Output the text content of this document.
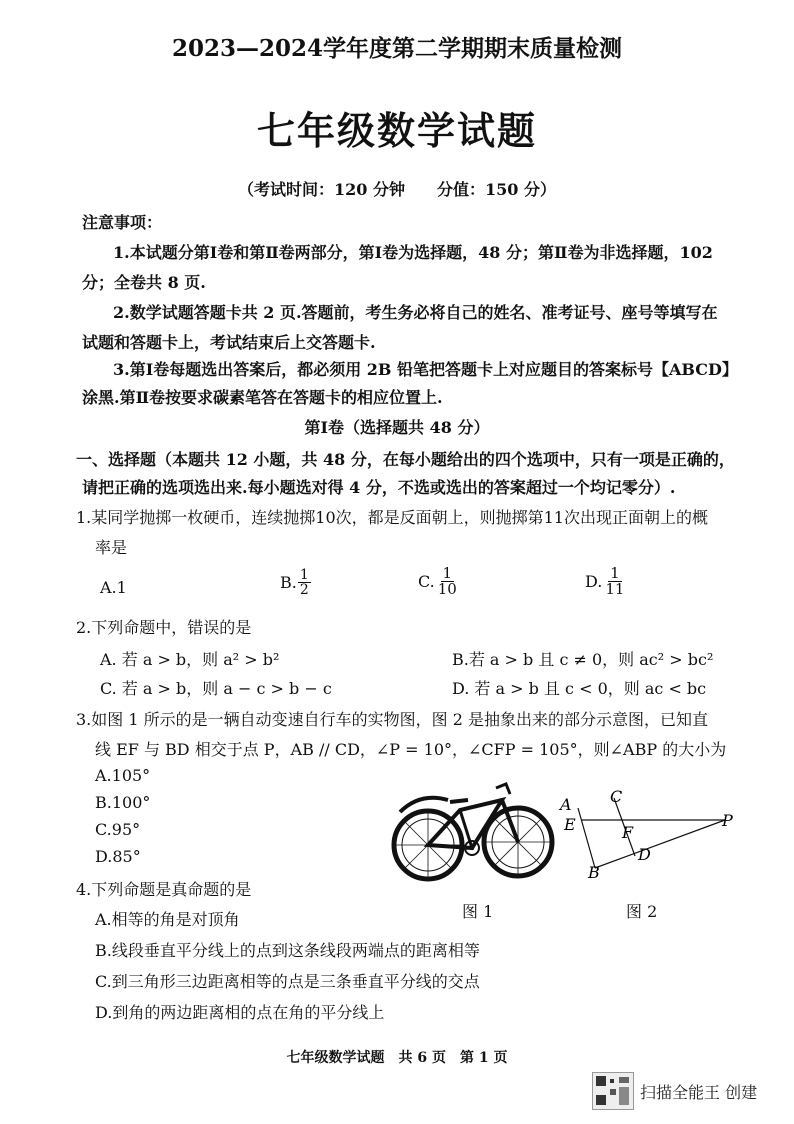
2023—2024学年度第二学期期末质量检测
七年级数学试题
（考试时间：120 分钟　　分值：150 分）
注意事项：
1.本试题分第Ⅰ卷和第Ⅱ卷两部分，第Ⅰ卷为选择题，48 分；第Ⅱ卷为非选择题，102
分；全卷共 8 页.
2.数学试题答题卡共 2 页.答题前，考生务必将自己的姓名、准考证号、座号等填写在
试题和答题卡上，考试结束后上交答题卡.
3.第Ⅰ卷每题选出答案后，都必须用 2B 铅笔把答题卡上对应题目的答案标号【ABCD】
涂黑.第Ⅱ卷按要求碳素笔答在答题卡的相应位置上.
第Ⅰ卷（选择题共 48 分）
一、选择题（本题共 12 小题，共 48 分，在每小题给出的四个选项中，只有一项是正确的，
请把正确的选项选出来.每小题选对得 4 分，不选或选出的答案超过一个均记零分）.
1.某同学抛掷一枚硬币，连续抛掷10次，都是反面朝上，则抛掷第11次出现正面朝上的概
率是
A.1	B. $\frac{1}{2}$	C. $\frac{1}{10}$	D. $\frac{1}{11}$
2.下列命题中，错误的是
A. 若 a > b，则 a² > b²	B.若 a > b 且 c ≠ 0，则 ac² > bc²
C. 若 a > b，则 a − c > b − c	D. 若 a > b 且 c < 0，则 ac < bc
3.如图 1 所示的是一辆自动变速自行车的实物图，图 2 是抽象出来的部分示意图，已知直
线 EF 与 BD 相交于点 P，AB // CD，∠P = 10°，∠CFP = 105°，则∠ABP 的大小为
A.105°
B.100°
C.95°
D.85°
A
E
C
F
D
B
P
图 1	图 2
4.下列命题是真命题的是
A.相等的角是对顶角
B.线段垂直平分线上的点到这条线段两端点的距离相等
C.到三角形三边距离相等的点是三条垂直平分线的交点
D.到角的两边距离相的点在角的平分线上
七年级数学试题　共 6 页　第 1 页
扫描全能王 创建
